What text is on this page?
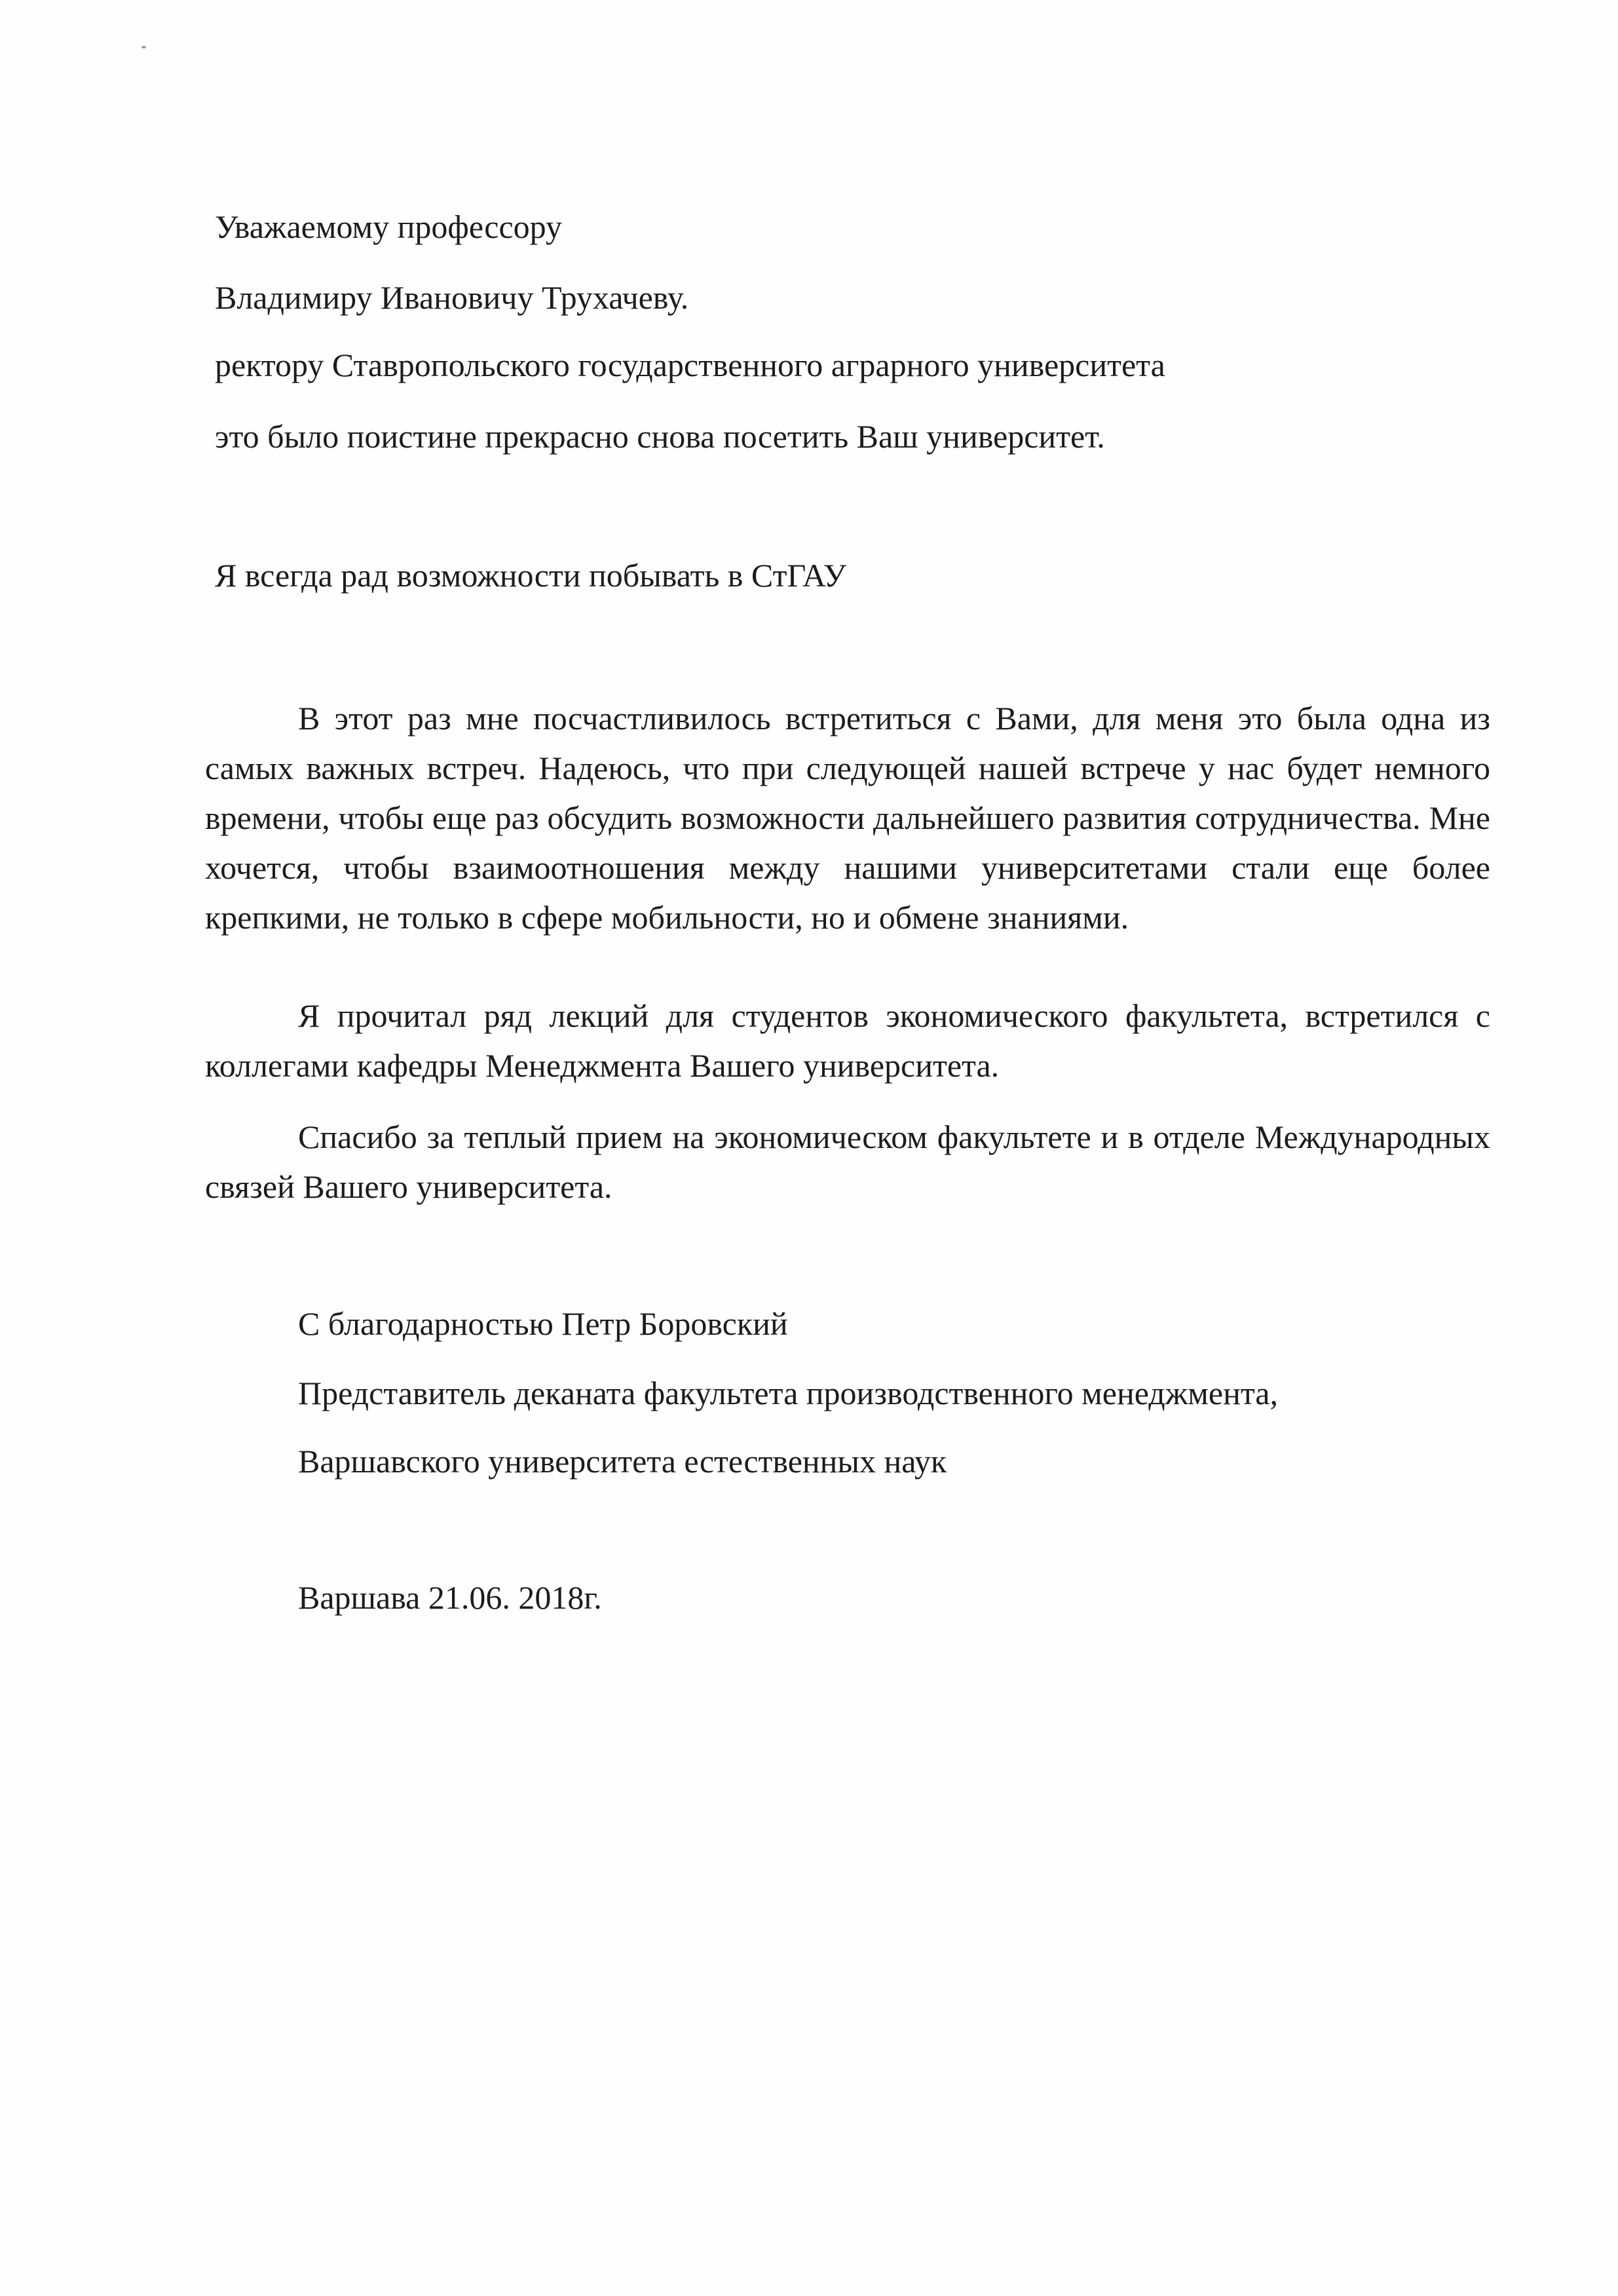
Уважаемому профессору
Владимиру Ивановичу Трухачеву.
ректору Ставропольского государственного аграрного университета
это было поистине прекрасно снова посетить Ваш университет.
Я всегда рад возможности побывать в СтГАУ

В этот раз мне посчастливилось встретиться с Вами, для меня это была одна из самых важных встреч. Надеюсь, что при следующей нашей встрече у нас будет немного времени, чтобы еще раз обсудить возможности дальнейшего развития сотрудничества. Мне хочется, чтобы взаимоотношения между нашими университетами стали еще более крепкими, не только в сфере мобильности, но и обмене знаниями.

Я прочитал ряд лекций для студентов экономического факультета, встретился с коллегами кафедры Менеджмента Вашего университета.

Спасибо за теплый прием на экономическом факультете и в отделе Международных связей Вашего университета.

С благодарностью Петр Боровский
Представитель деканата факультета производственного менеджмента,
Варшавского университета естественных наук
Варшава 21.06. 2018г.
